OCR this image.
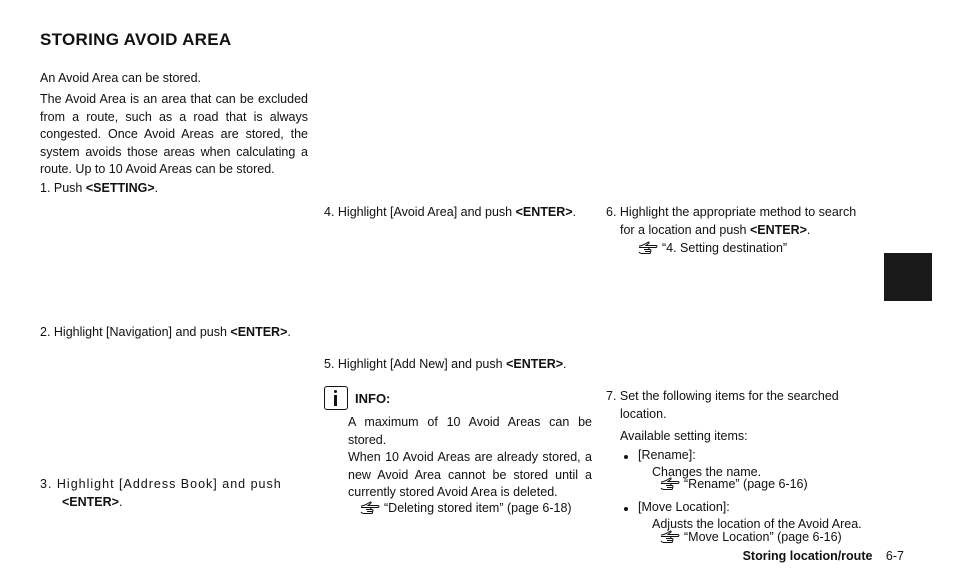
STORING AVOID AREA
An Avoid Area can be stored.
The Avoid Area is an area that can be excluded from a route, such as a road that is always congested. Once Avoid Areas are stored, the system avoids those areas when calculating a route. Up to 10 Avoid Areas can be stored.
1. Push <SETTING>.
2. Highlight [Navigation] and push <ENTER>.
3. Highlight [Address Book] and push
<ENTER>.
4. Highlight [Avoid Area] and push <ENTER>.
5. Highlight [Add New] and push <ENTER>.
INFO:
A maximum of 10 Avoid Areas can be stored.
When 10 Avoid Areas are already stored, a new Avoid Area cannot be stored until a currently stored Avoid Area is deleted.
“Deleting stored item” (page 6-18)
6. Highlight the appropriate method to search
for a location and push <ENTER>.
“4. Setting destination”
7. Set the following items for the searched
location.
Available setting items:
[Rename]:
Changes the name.
“Rename” (page 6-16)
[Move Location]:
Adjusts the location of the Avoid Area.
“Move Location” (page 6-16)
Storing location/route 6-7
